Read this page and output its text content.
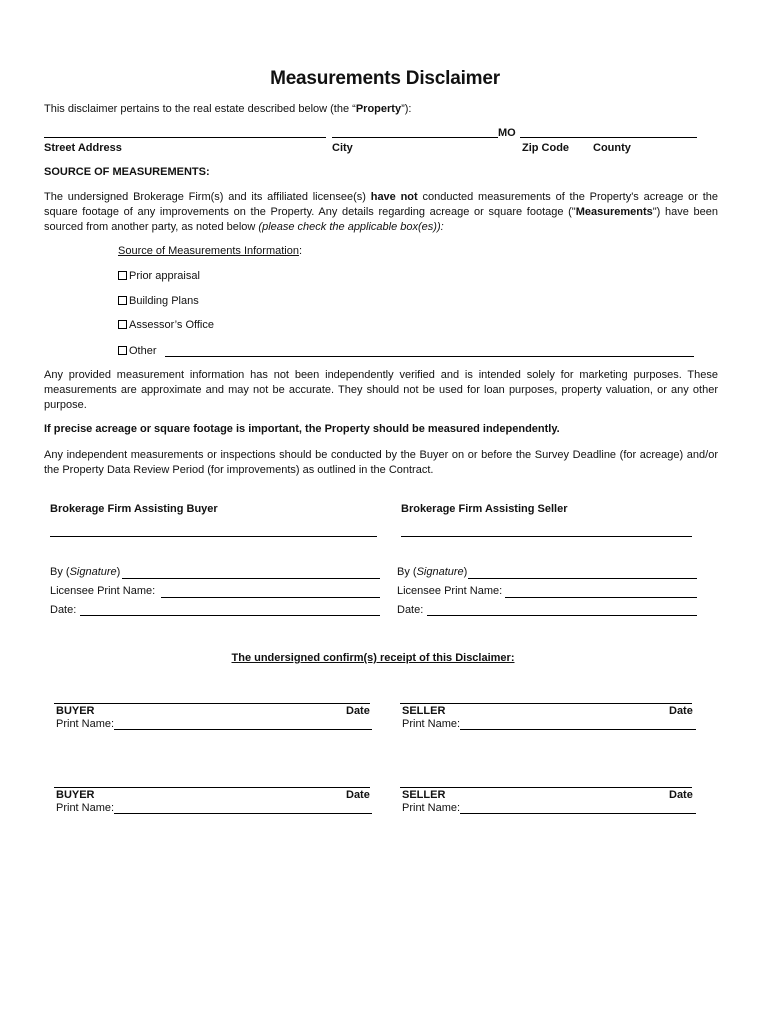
Measurements Disclaimer
This disclaimer pertains to the real estate described below (the “Property”):
MO
Street Address	City	Zip Code County
SOURCE OF MEASUREMENTS:
The undersigned Brokerage Firm(s) and its affiliated licensee(s) have not conducted measurements of the Property's acreage or the square footage of any improvements on the Property. Any details regarding acreage or square footage ("Measurements") have been sourced from another party, as noted below (please check the applicable box(es)):
Source of Measurements Information:
Prior appraisal
Building Plans
Assessor’s Office
Other
Any provided measurement information has not been independently verified and is intended solely for marketing purposes. These measurements are approximate and may not be accurate. They should not be used for loan purposes, property valuation, or any other purpose.
If precise acreage or square footage is important, the Property should be measured independently.
Any independent measurements or inspections should be conducted by the Buyer on or before the Survey Deadline (for acreage) and/or the Property Data Review Period (for improvements) as outlined in the Contract.
Brokerage Firm Assisting Buyer	Brokerage Firm Assisting Seller
By (Signature)	By (Signature)
Licensee Print Name:	Licensee Print Name:
Date:	Date:
The undersigned confirm(s) receipt of this Disclaimer:
BUYER	Date
Print Name:
SELLER	Date
Print Name:
BUYER	Date
Print Name:
SELLER	Date
Print Name:
